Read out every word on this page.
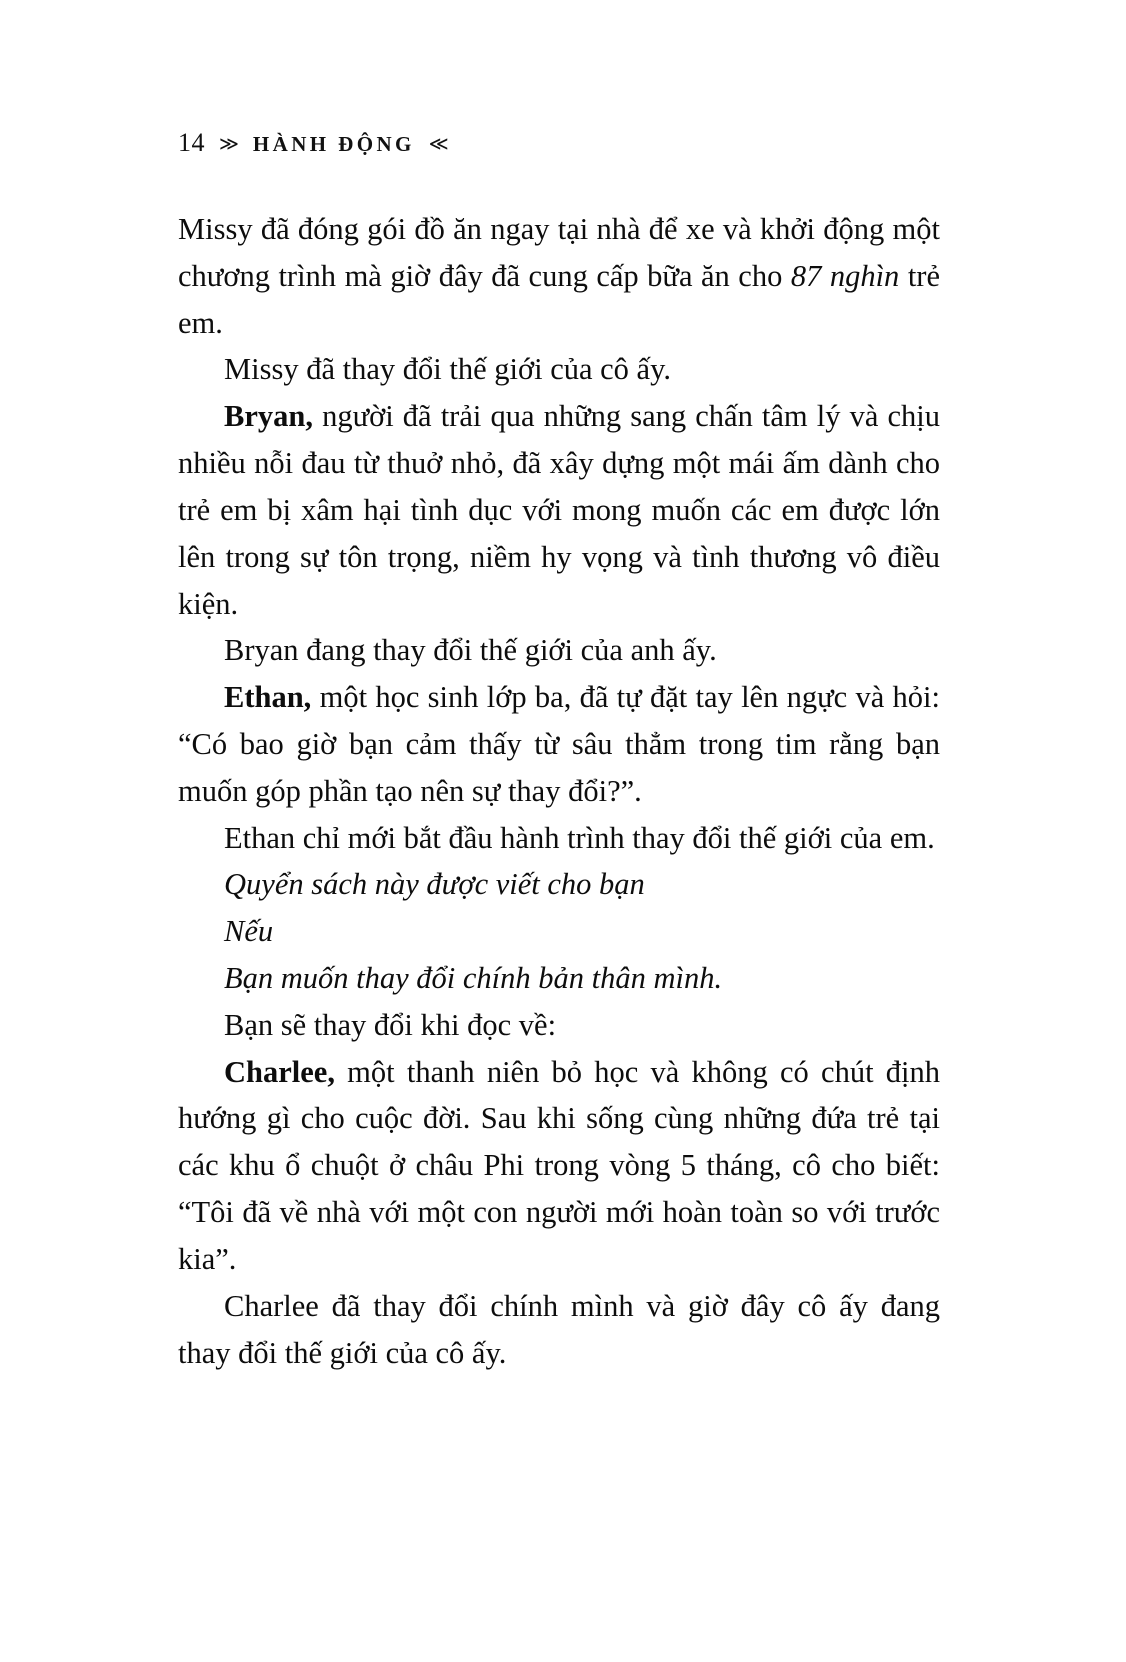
14 ≫ HÀNH ĐỘNG ≪

Missy đã đóng gói đồ ăn ngay tại nhà để xe và khởi động một chương trình mà giờ đây đã cung cấp bữa ăn cho 87 nghìn trẻ em.

Missy đã thay đổi thế giới của cô ấy.

Bryan, người đã trải qua những sang chấn tâm lý và chịu nhiều nỗi đau từ thuở nhỏ, đã xây dựng một mái ấm dành cho trẻ em bị xâm hại tình dục với mong muốn các em được lớn lên trong sự tôn trọng, niềm hy vọng và tình thương vô điều kiện.

Bryan đang thay đổi thế giới của anh ấy.

Ethan, một học sinh lớp ba, đã tự đặt tay lên ngực và hỏi: “Có bao giờ bạn cảm thấy từ sâu thẳm trong tim rằng bạn muốn góp phần tạo nên sự thay đổi?”.

Ethan chỉ mới bắt đầu hành trình thay đổi thế giới của em.

Quyển sách này được viết cho bạn

Nếu

Bạn muốn thay đổi chính bản thân mình.

Bạn sẽ thay đổi khi đọc về:

Charlee, một thanh niên bỏ học và không có chút định hướng gì cho cuộc đời. Sau khi sống cùng những đứa trẻ tại các khu ổ chuột ở châu Phi trong vòng 5 tháng, cô cho biết: “Tôi đã về nhà với một con người mới hoàn toàn so với trước kia”.

Charlee đã thay đổi chính mình và giờ đây cô ấy đang thay đổi thế giới của cô ấy.
